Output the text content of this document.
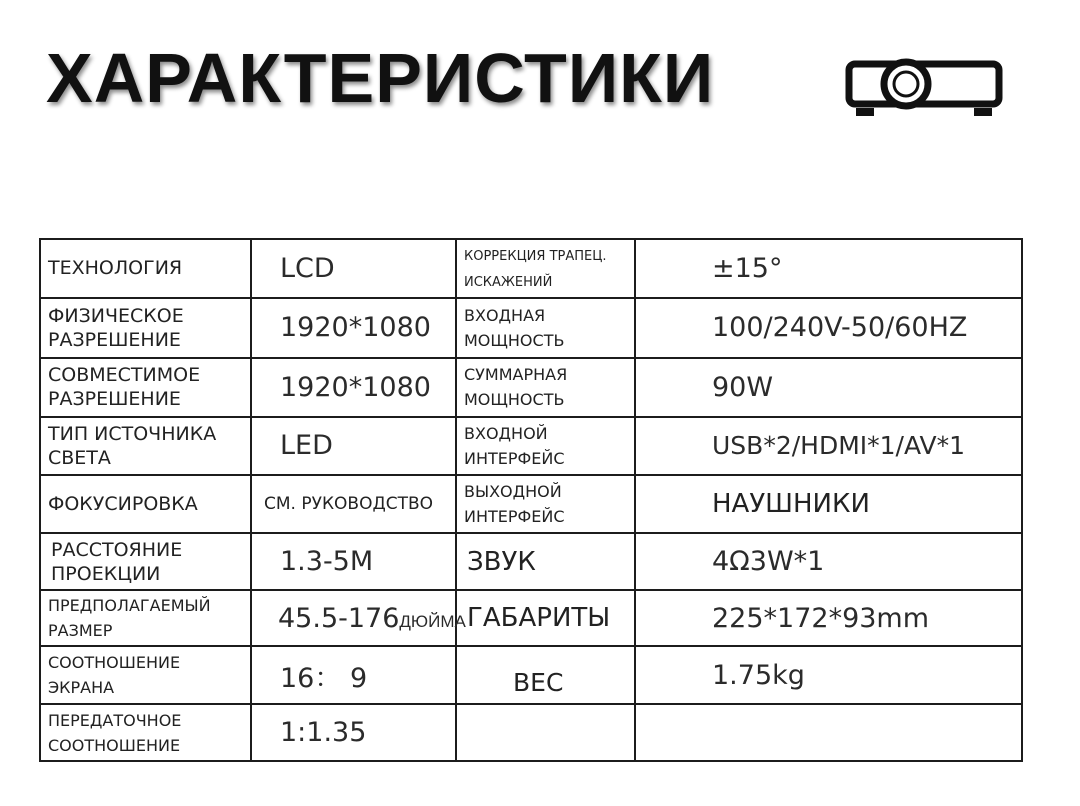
ХАРАКТЕРИСТИКИ
ТЕХНОЛОГИЯ	LCD	КОРРЕКЦИЯ ТРАПЕЦ. ИСКАЖЕНИЙ	±15°
ФИЗИЧЕСКОЕ РАЗРЕШЕНИЕ	1920*1080	ВХОДНАЯ МОЩНОСТЬ	100/240V-50/60HZ
СОВМЕСТИМОЕ РАЗРЕШЕНИЕ	1920*1080	СУММАРНАЯ МОЩНОСТЬ	90W
ТИП ИСТОЧНИКА СВЕТА	LED	ВХОДНОЙ ИНТЕРФЕЙС	USB*2/HDMI*1/AV*1
ФОКУСИРОВКА	СМ. РУКОВОДСТВО	ВЫХОДНОЙ ИНТЕРФЕЙС	НАУШНИКИ
РАССТОЯНИЕ ПРОЕКЦИИ	1.3-5M	ЗВУК	4Ω3W*1
ПРЕДПОЛАГАЕМЫЙ РАЗМЕР	45.5-176ДЮЙМА	ГАБАРИТЫ	225*172*93mm
СООТНОШЕНИЕ ЭКРАНА	16： 9	ВЕС	1.75kg
ПЕРЕДАТОЧНОЕ СООТНОШЕНИЕ	1:1.35		
